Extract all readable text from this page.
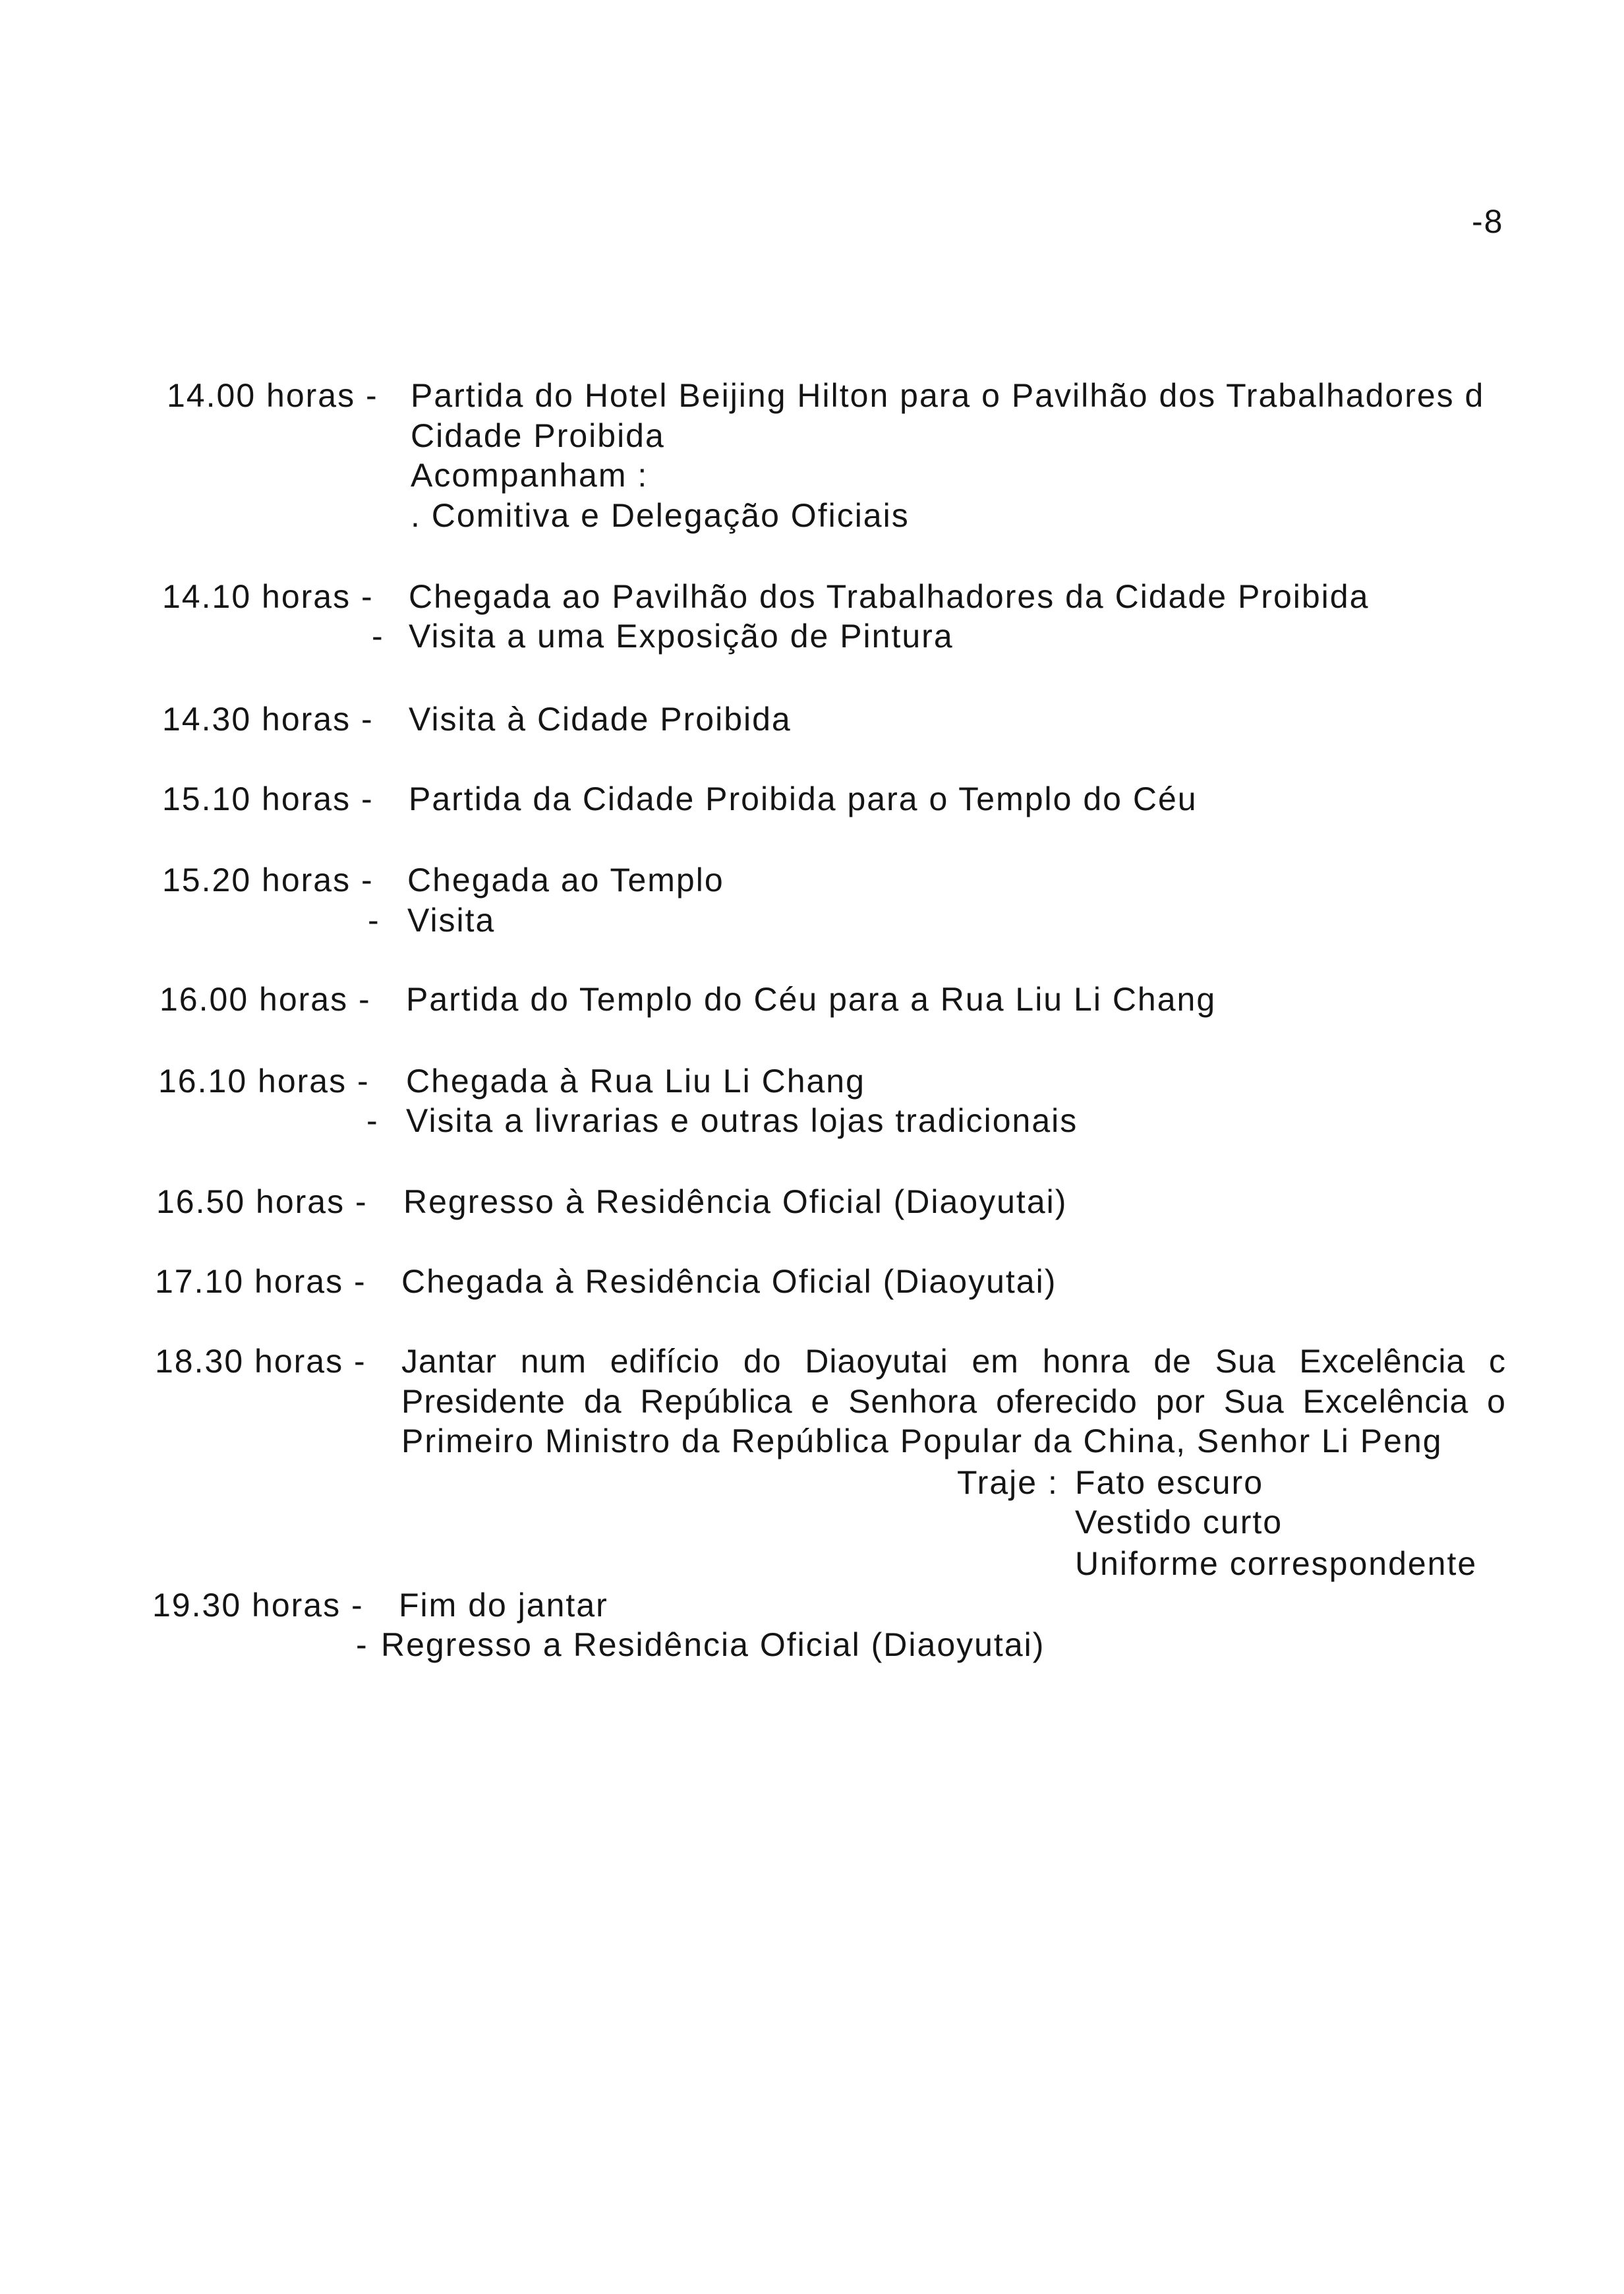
-8
14.00 horas - Partida do Hotel Beijing Hilton para o Pavilhão dos Trabalhadores d
Cidade Proibida
Acompanham :
. Comitiva e Delegação Oficiais
14.10 horas - Chegada ao Pavilhão dos Trabalhadores da Cidade Proibida
- Visita a uma Exposição de Pintura
14.30 horas - Visita à Cidade Proibida
15.10 horas - Partida da Cidade Proibida para o Templo do Céu
15.20 horas - Chegada ao Templo
- Visita
16.00 horas - Partida do Templo do Céu para a Rua Liu Li Chang
16.10 horas - Chegada à Rua Liu Li Chang
- Visita a livrarias e outras lojas tradicionais
16.50 horas - Regresso à Residência Oficial (Diaoyutai)
17.10 horas - Chegada à Residência Oficial (Diaoyutai)
18.30 horas - Jantar num edifício do Diaoyutai em honra de Sua Excelência c
Presidente da República e Senhora oferecido por Sua Excelência o
Primeiro Ministro da República Popular da China, Senhor Li Peng
Traje : Fato escuro
Vestido curto
Uniforme correspondente
19.30 horas - Fim do jantar
- Regresso a Residência Oficial (Diaoyutai)
